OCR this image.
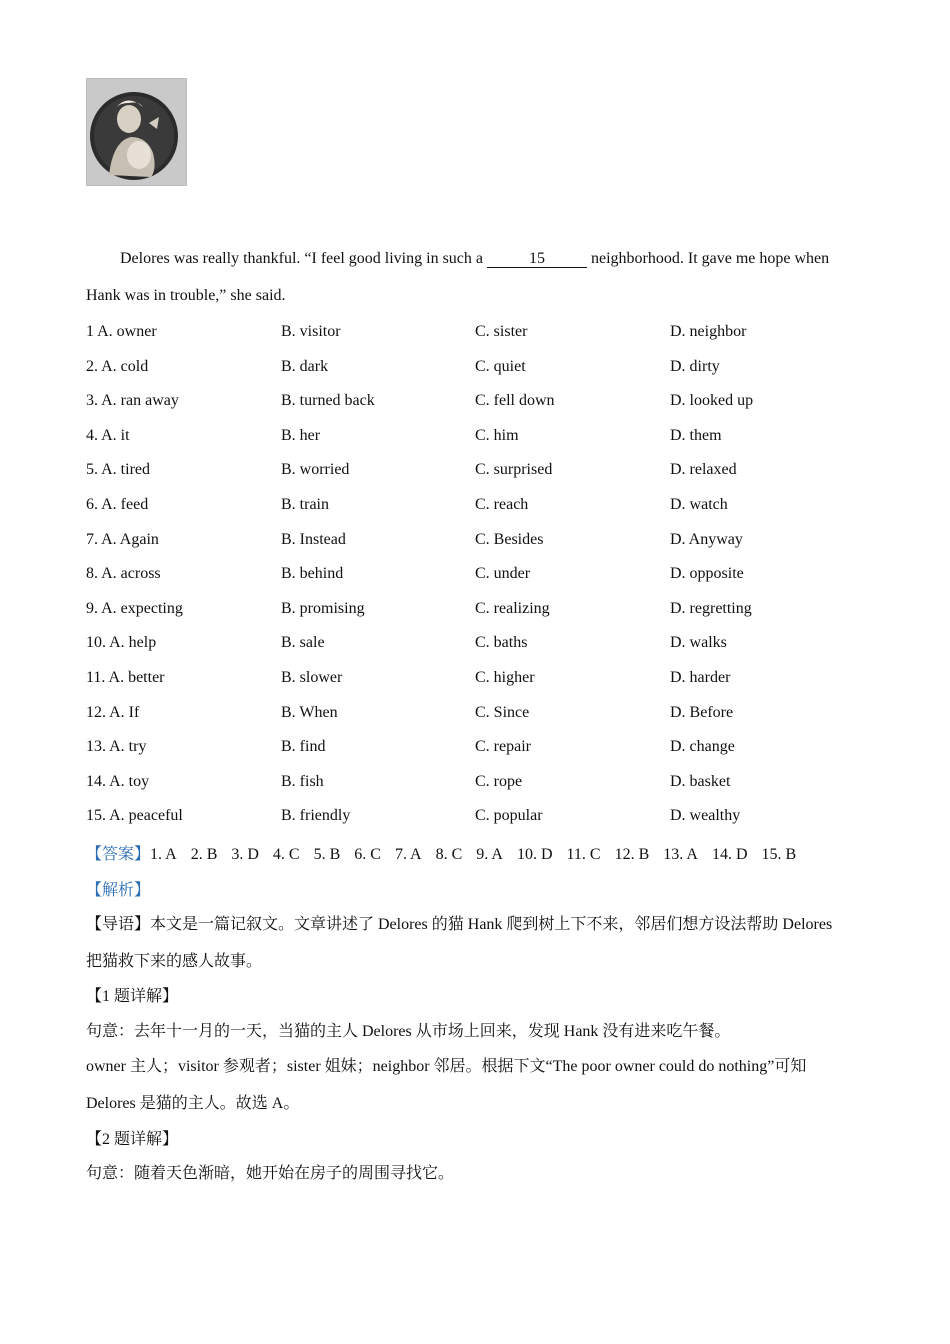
Delores was really thankful. “I feel good living in such a	15	neighborhood. It gave me hope when
Hank was in trouble,” she said.
1 A. owner	B. visitor	C. sister	D. neighbor
2. A. cold	B. dark	C. quiet	D. dirty
3. A. ran away	B. turned back	C. fell down	D. looked up
4. A. it	B. her	C. him	D. them
5. A. tired	B. worried	C. surprised	D. relaxed
6. A. feed	B. train	C. reach	D. watch
7. A. Again	B. Instead	C. Besides	D. Anyway
8. A. across	B. behind	C. under	D. opposite
9. A. expecting	B. promising	C. realizing	D. regretting
10. A. help	B. sale	C. baths	D. walks
11. A. better	B. slower	C. higher	D. harder
12. A. If	B. When	C. Since	D. Before
13. A. try	B. find	C. repair	D. change
14. A. toy	B. fish	C. rope	D. basket
15. A. peaceful	B. friendly	C. popular	D. wealthy
【答案】1. A 2. B 3. D 4. C 5. B 6. C 7. A 8. C 9. A 10. D 11. C 12. B 13. A 14. D 15. B
【解析】
【导语】本文是一篇记叙文。文章讲述了 Delores 的猫 Hank 爬到树上下不来，邻居们想方设法帮助 Delores
把猫救下来的感人故事。
【1 题详解】
句意：去年十一月的一天，当猫的主人 Delores 从市场上回来，发现 Hank 没有进来吃午餐。
owner 主人；visitor 参观者；sister 姐妹；neighbor 邻居。根据下文“The poor owner could do nothing”可知
Delores 是猫的主人。故选 A。
【2 题详解】
句意：随着天色渐暗，她开始在房子的周围寻找它。
